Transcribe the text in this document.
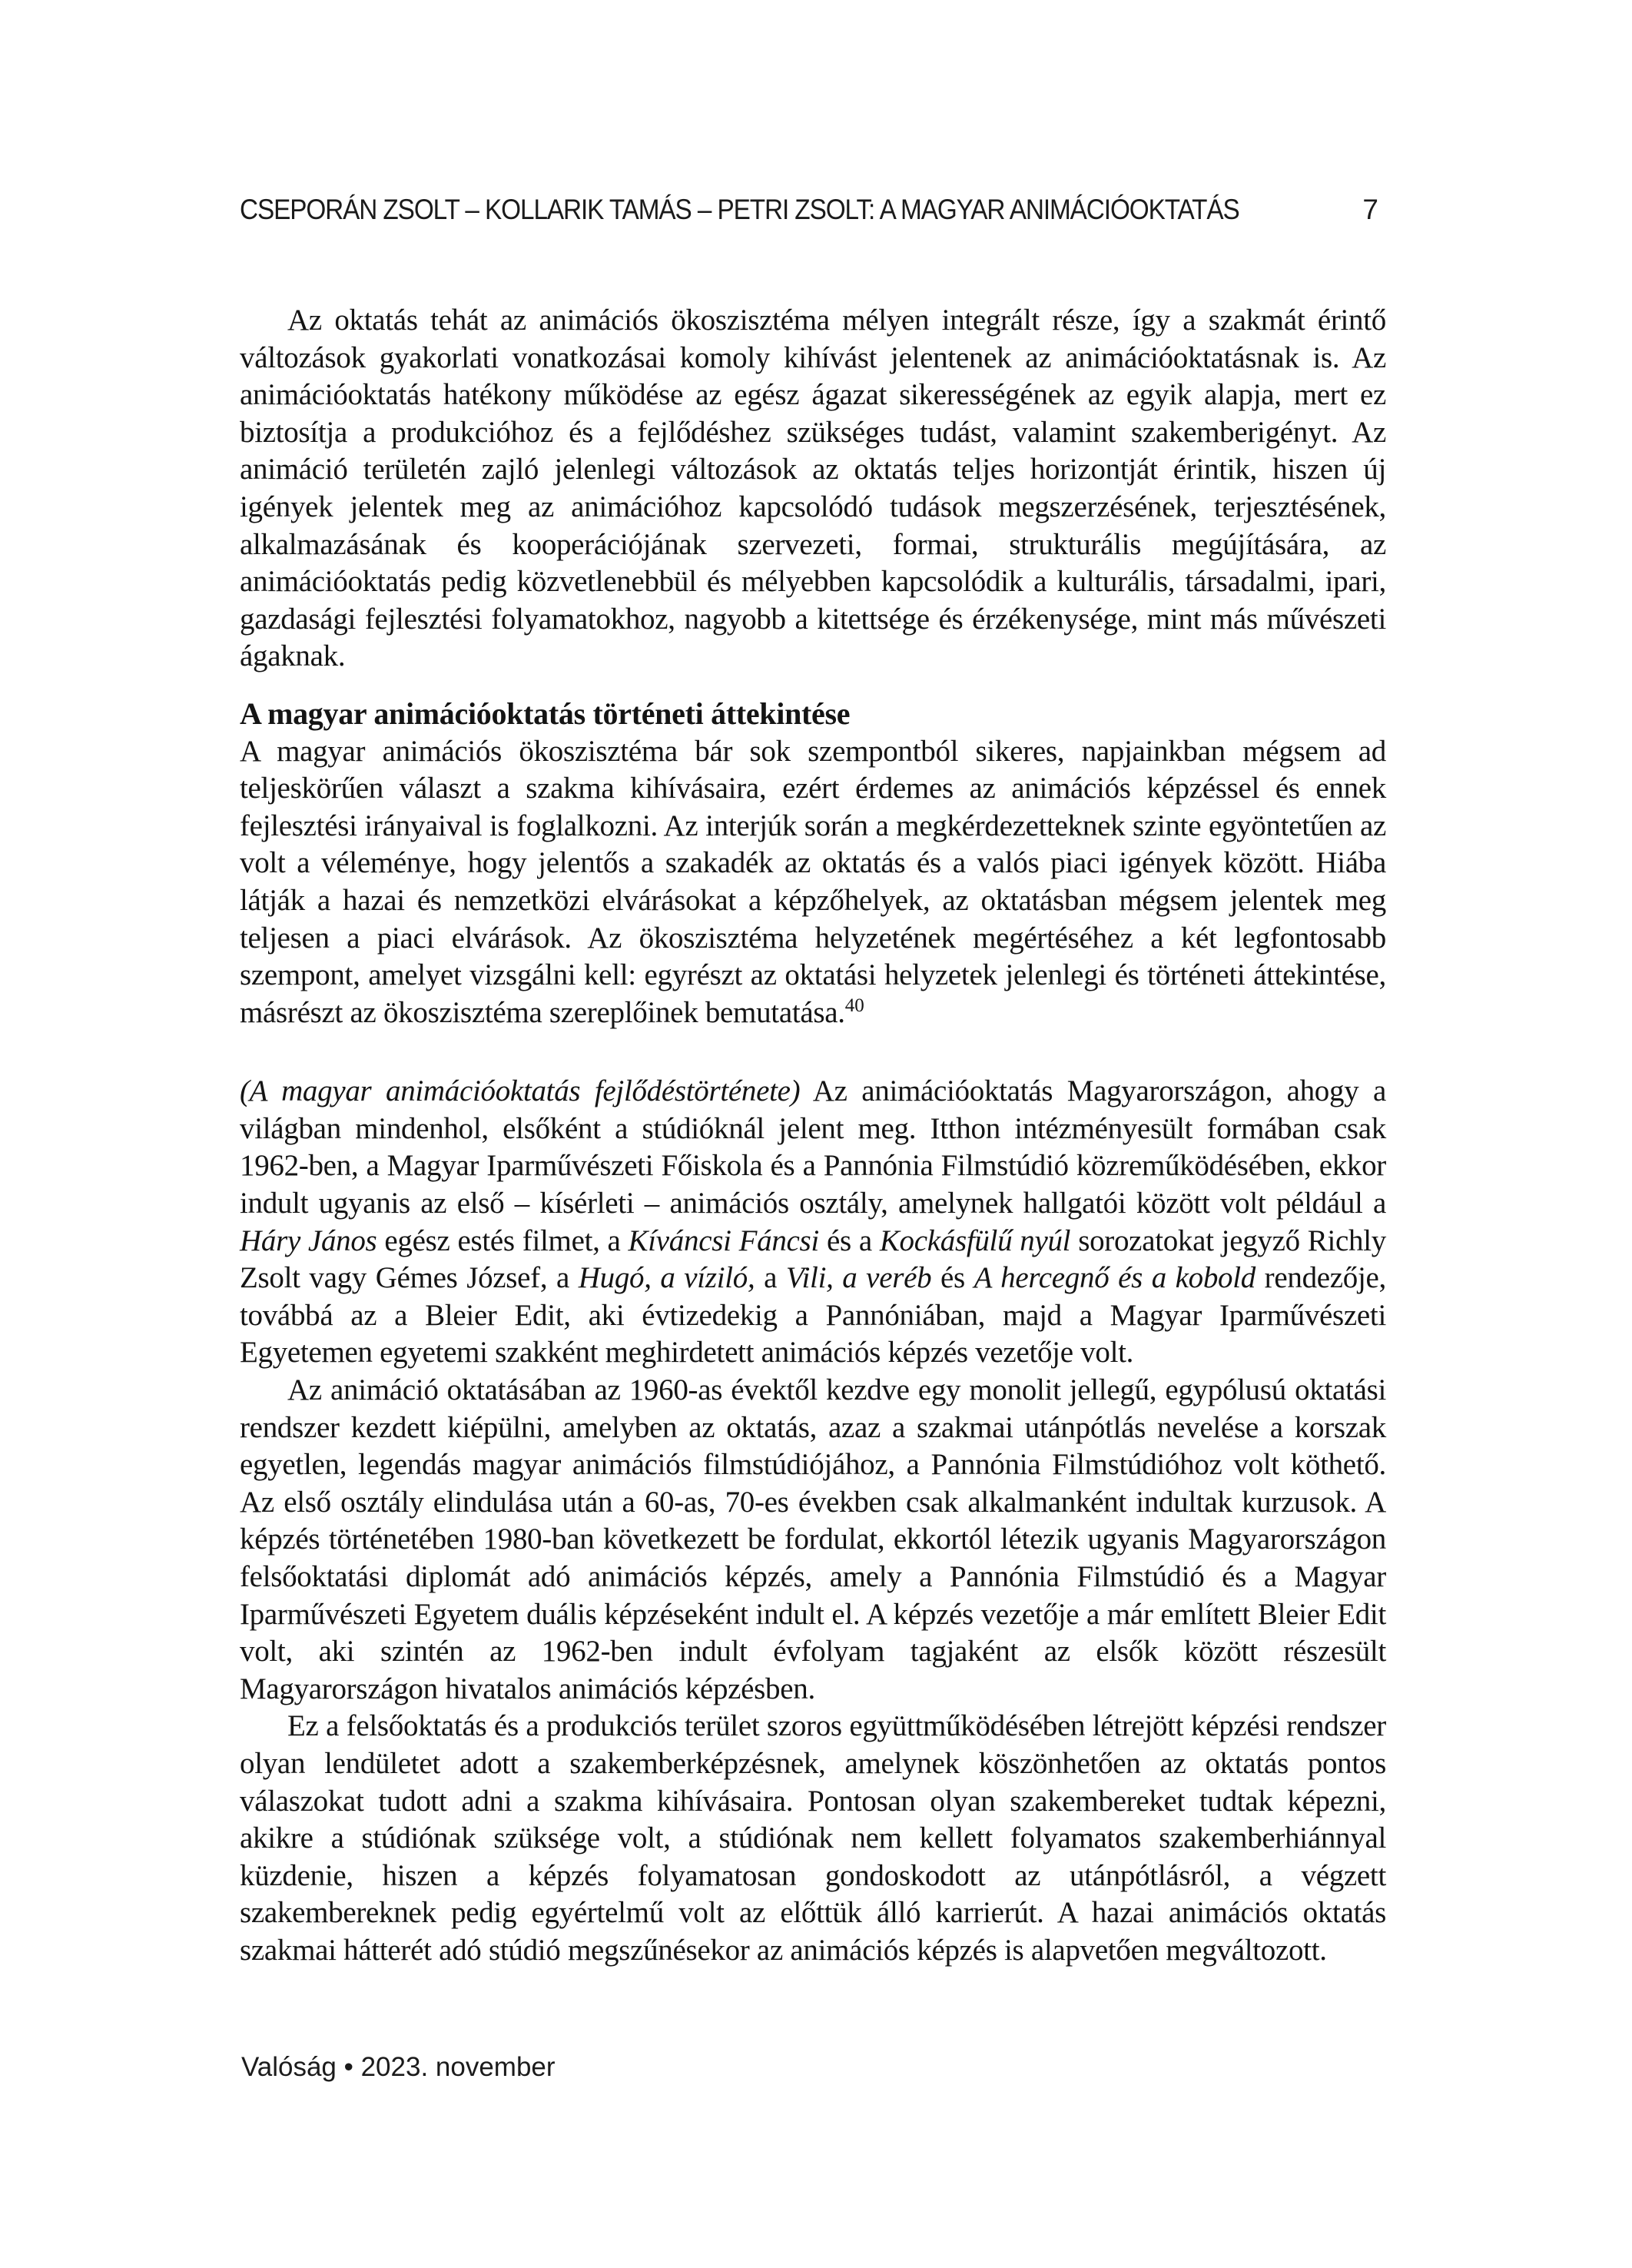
CSEPORÁN ZSOLT – KOLLARIK TAMÁS – PETRI ZSOLT: A MAGYAR ANIMÁCIÓOKTATÁS	7

Az oktatás tehát az animációs ökoszisztéma mélyen integrált része, így a szakmát érintő változások gyakorlati vonatkozásai komoly kihívást jelentenek az animációoktatásnak is. Az animációoktatás hatékony működése az egész ágazat sikerességének az egyik alapja, mert ez biztosítja a produkcióhoz és a fejlődéshez szükséges tudást, valamint szakemberigényt. Az animáció területén zajló jelenlegi változások az oktatás teljes horizontját érintik, hiszen új igények jelentek meg az animációhoz kapcsolódó tudások megszerzésének, terjesztésének, alkalmazásának és kooperációjának szervezeti, formai, strukturális megújítására, az animációoktatás pedig közvetlenebbül és mélyebben kapcsolódik a kulturális, társadalmi, ipari, gazdasági fejlesztési folyamatokhoz, nagyobb a kitettsége és érzékenysége, mint más művészeti ágaknak.

A magyar animációoktatás történeti áttekintése

A magyar animációs ökoszisztéma bár sok szempontból sikeres, napjainkban mégsem ad teljeskörűen választ a szakma kihívásaira, ezért érdemes az animációs képzéssel és ennek fejlesztési irányaival is foglalkozni. Az interjúk során a megkérdezetteknek szinte egyöntetűen az volt a véleménye, hogy jelentős a szakadék az oktatás és a valós piaci igények között. Hiába látják a hazai és nemzetközi elvárásokat a képzőhelyek, az oktatásban mégsem jelentek meg teljesen a piaci elvárások. Az ökoszisztéma helyzetének megértéséhez a két legfontosabb szempont, amelyet vizsgálni kell: egyrészt az oktatási helyzetek jelenlegi és történeti áttekintése, másrészt az ökoszisztéma szereplőinek bemutatása.$^{40}$

(A magyar animációoktatás fejlődéstörténete) Az animációoktatás Magyarországon, ahogy a világban mindenhol, elsőként a stúdióknál jelent meg. Itthon intézményesült formában csak 1962-ben, a Magyar Iparművészeti Főiskola és a Pannónia Filmstúdió közreműködésében, ekkor indult ugyanis az első – kísérleti – animációs osztály, amelynek hallgatói között volt például a Háry János egész estés filmet, a Kíváncsi Fáncsi és a Kockásfülű nyúl sorozatokat jegyző Richly Zsolt vagy Gémes József, a Hugó, a víziló, a Vili, a veréb és A hercegnő és a kobold rendezője, továbbá az a Bleier Edit, aki évtizedekig a Pannóniában, majd a Magyar Iparművészeti Egyetemen egyetemi szakként meghirdetett animációs képzés vezetője volt.

Az animáció oktatásában az 1960-as évektől kezdve egy monolit jellegű, egypólusú oktatási rendszer kezdett kiépülni, amelyben az oktatás, azaz a szakmai utánpótlás nevelése a korszak egyetlen, legendás magyar animációs filmstúdiójához, a Pannónia Filmstúdióhoz volt köthető. Az első osztály elindulása után a 60-as, 70-es években csak alkalmanként indultak kurzusok. A képzés történetében 1980-ban következett be fordulat, ekkortól létezik ugyanis Magyarországon felsőoktatási diplomát adó animációs képzés, amely a Pannónia Filmstúdió és a Magyar Iparművészeti Egyetem duális képzéseként indult el. A képzés vezetője a már említett Bleier Edit volt, aki szintén az 1962-ben indult évfolyam tagjaként az elsők között részesült Magyarországon hivatalos animációs képzésben.

Ez a felsőoktatás és a produkciós terület szoros együttműködésében létrejött képzési rendszer olyan lendületet adott a szakemberképzésnek, amelynek köszönhetően az oktatás pontos válaszokat tudott adni a szakma kihívásaira. Pontosan olyan szakembereket tudtak képezni, akikre a stúdiónak szüksége volt, a stúdiónak nem kellett folyamatos szakemberhiánnyal küzdenie, hiszen a képzés folyamatosan gondoskodott az utánpótlásról, a végzett szakembereknek pedig egyértelmű volt az előttük álló karrierút. A hazai animációs oktatás szakmai hátterét adó stúdió megszűnésekor az animációs képzés is alapvetően megváltozott.

Valóság • 2023. november
